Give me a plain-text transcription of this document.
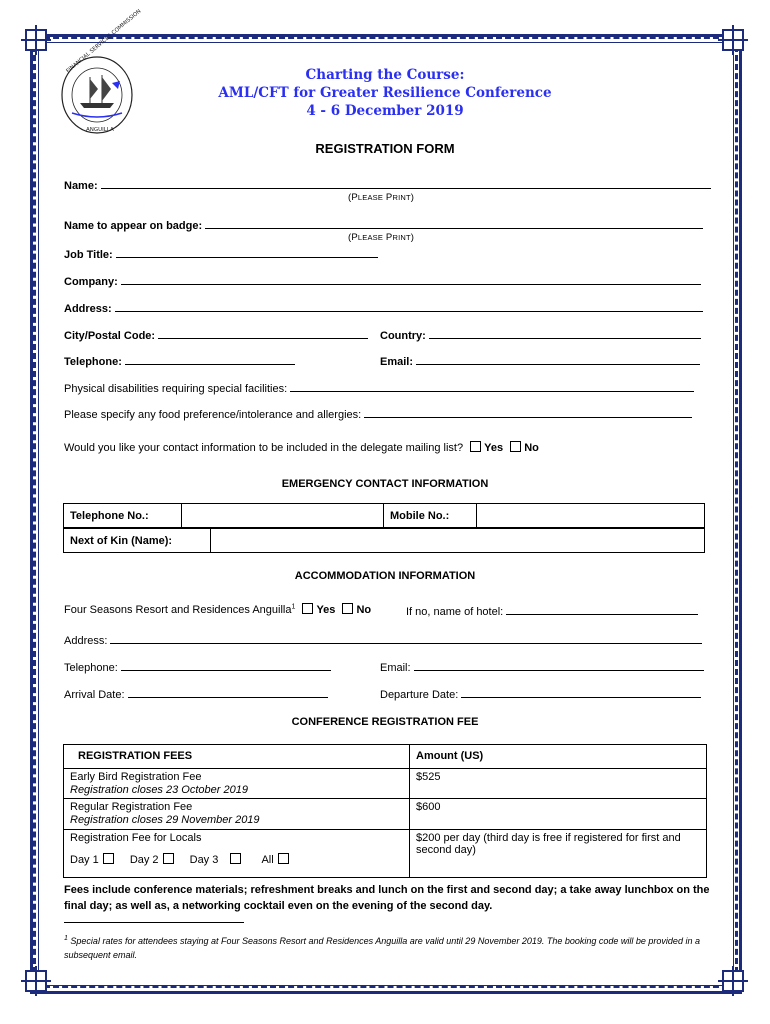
FINANCIAL SERVICES COMMISSION
ANGUILLA
Charting the Course:
AML/CFT for Greater Resilience Conference
4 - 6 December 2019
REGISTRATION FORM
Name:
(PLEASE PRINT)
Name to appear on badge:
(PLEASE PRINT)
Job Title:
Company:
Address:
City/Postal Code:	Country:
Telephone:	Email:
Physical disabilities requiring special facilities:
Please specify any food preference/intolerance and allergies:
Would you like your contact information to be included in the delegate mailing list? Yes No
EMERGENCY CONTACT INFORMATION
Telephone No.:		Mobile No.:	
Next of Kin (Name):	
ACCOMMODATION INFORMATION
Four Seasons Resort and Residences Anguilla$^1$ Yes No	If no, name of hotel:
Address:
Telephone:	Email:
Arrival Date:	Departure Date:
CONFERENCE REGISTRATION FEE
REGISTRATION FEES	Amount (US)

Early Bird Registration Fee
Registration closes 23 October 2019	$525

Regular Registration Fee
Registration closes 29 November 2019	$600

Registration Fee for Locals
Day 1 Day 2 Day 3 All	$200 per day (third day is free if registered for first and second day)
Fees include conference materials; refreshment breaks and lunch on the first and second day; a take away lunchbox on the final day; as well as, a networking cocktail even on the evening of the second day.
$^1$ Special rates for attendees staying at Four Seasons Resort and Residences Anguilla are valid until 29 November 2019. The booking code will be provided in a subsequent email.
